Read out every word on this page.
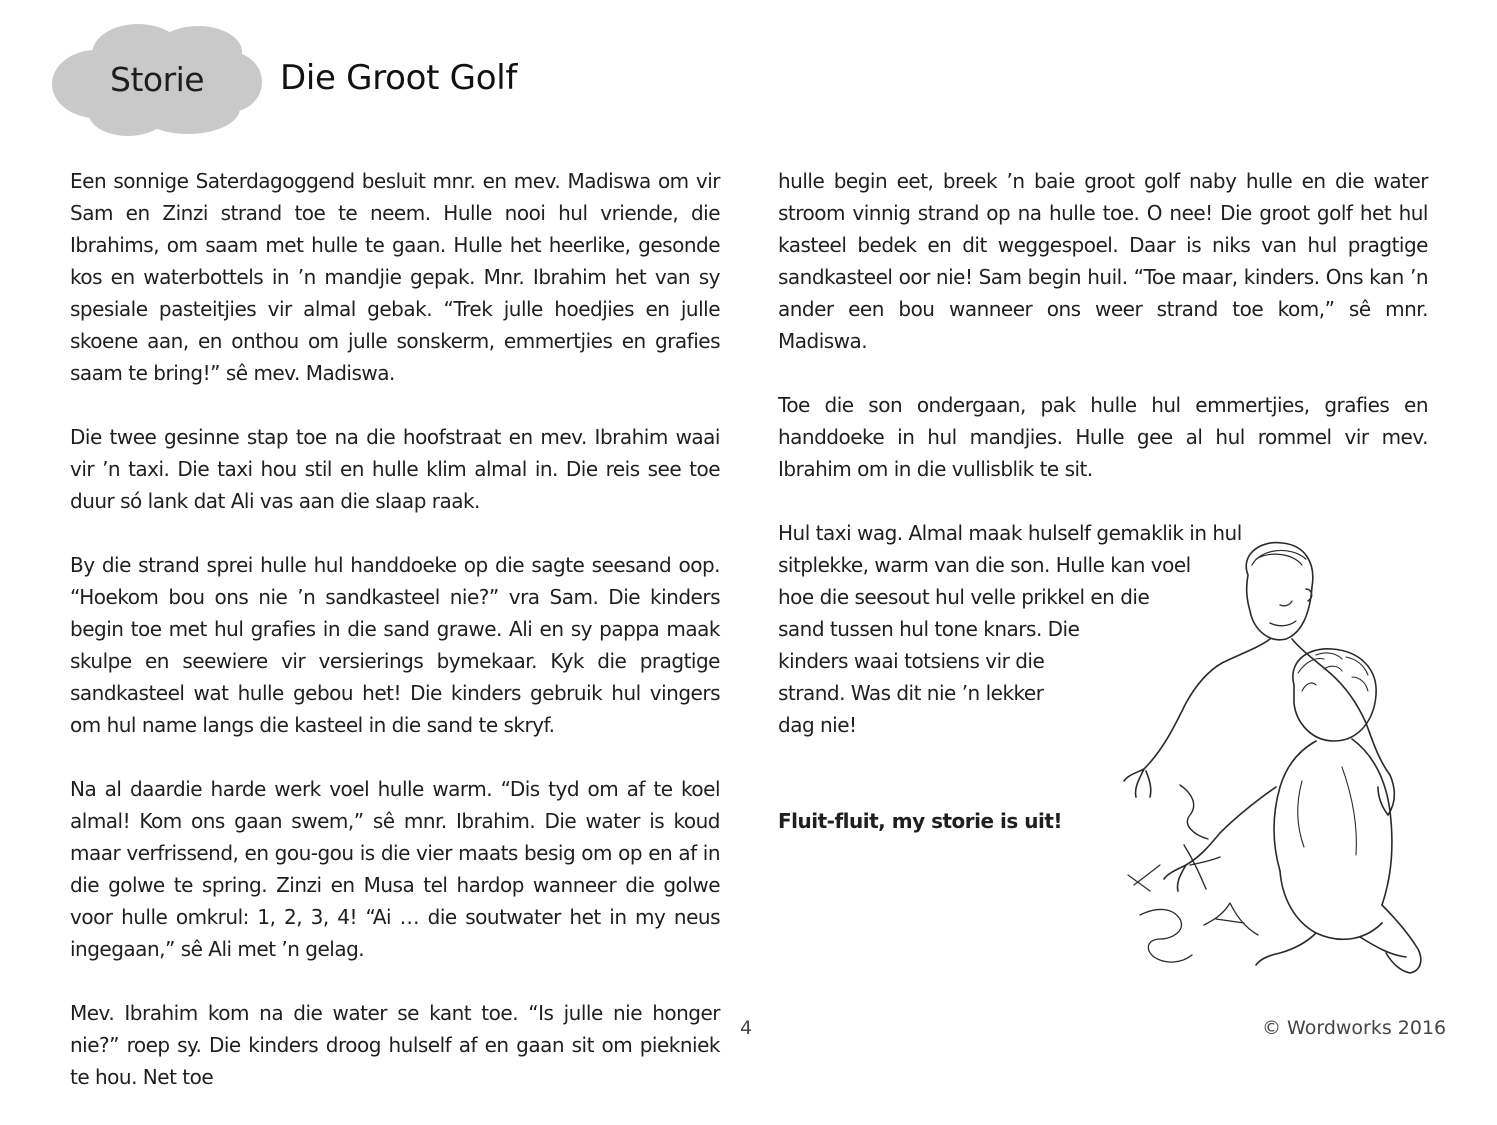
Storie Die Groot Golf

Een sonnige Saterdagoggend besluit mnr. en mev. Madiswa om vir Sam en Zinzi strand toe te neem. Hulle nooi hul vriende, die Ibrahims, om saam met hulle te gaan. Hulle het heerlike, gesonde kos en waterbottels in ’n mandjie gepak. Mnr. Ibrahim het van sy spesiale pasteitjies vir almal gebak. “Trek julle hoedjies en julle skoene aan, en onthou om julle sonskerm, emmertjies en grafies saam te bring!” sê mev. Madiswa.

Die twee gesinne stap toe na die hoofstraat en mev. Ibrahim waai vir ’n taxi. Die taxi hou stil en hulle klim almal in. Die reis see toe duur só lank dat Ali vas aan die slaap raak.

By die strand sprei hulle hul handdoeke op die sagte seesand oop. “Hoekom bou ons nie ’n sandkasteel nie?” vra Sam. Die kinders begin toe met hul grafies in die sand grawe. Ali en sy pappa maak skulpe en seewiere vir versierings bymekaar. Kyk die pragtige sandkasteel wat hulle gebou het! Die kinders gebruik hul vingers om hul name langs die kasteel in die sand te skryf.

Na al daardie harde werk voel hulle warm. “Dis tyd om af te koel almal! Kom ons gaan swem,” sê mnr. Ibrahim. Die water is koud maar verfrissend, en gou-gou is die vier maats besig om op en af in die golwe te spring. Zinzi en Musa tel hardop wanneer die golwe voor hulle omkrul: 1, 2, 3, 4! “Ai … die soutwater het in my neus ingegaan,” sê Ali met ’n gelag.

Mev. Ibrahim kom na die water se kant toe. “Is julle nie honger nie?” roep sy. Die kinders droog hulself af en gaan sit om piekniek te hou. Net toe

hulle begin eet, breek ’n baie groot golf naby hulle en die water stroom vinnig strand op na hulle toe. O nee! Die groot golf het hul kasteel bedek en dit weggespoel. Daar is niks van hul pragtige sandkasteel oor nie! Sam begin huil. “Toe maar, kinders. Ons kan ’n ander een bou wanneer ons weer strand toe kom,” sê mnr. Madiswa.

Toe die son ondergaan, pak hulle hul emmertjies, grafies en handdoeke in hul mandjies. Hulle gee al hul rommel vir mev. Ibrahim om in die vullisblik te sit.

Hul taxi wag. Almal maak hulself gemaklik in hul
sitplekke, warm van die son. Hulle kan voel
hoe die seesout hul velle prikkel en die
sand tussen hul tone knars. Die
kinders waai totsiens vir die
strand. Was dit nie ’n lekker
dag nie!

Fluit-fluit, my storie is uit!

4	© Wordworks 2016
